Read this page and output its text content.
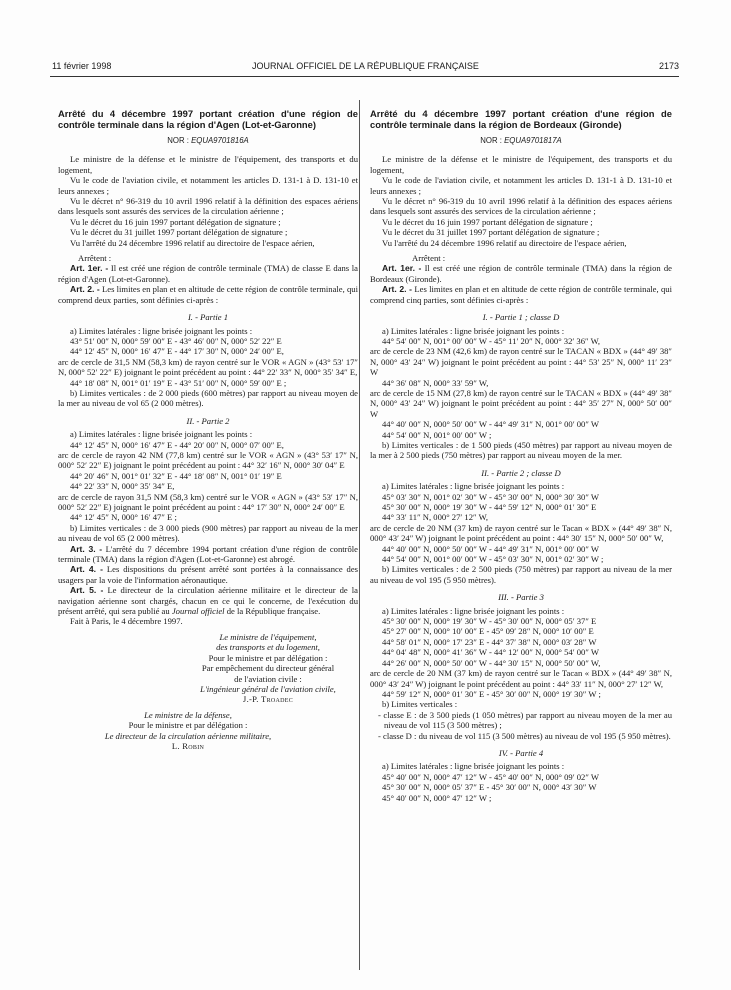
11 février 1998	JOURNAL OFFICIEL DE LA RÉPUBLIQUE FRANÇAISE	2173

Arrêté du 4 décembre 1997 portant création d'une région de contrôle terminale dans la région d'Agen (Lot-et-Garonne)

NOR : EQUA9701816A

Le ministre de la défense et le ministre de l'équipement, des transports et du logement,

Vu le code de l'aviation civile, et notamment les articles D. 131-1 à D. 131-10 et leurs annexes ;

Vu le décret n° 96-319 du 10 avril 1996 relatif à la définition des espaces aériens dans lesquels sont assurés des services de la circulation aérienne ;

Vu le décret du 16 juin 1997 portant délégation de signature ;

Vu le décret du 31 juillet 1997 portant délégation de signature ;

Vu l'arrêté du 24 décembre 1996 relatif au directoire de l'espace aérien,

Arrêtent :

Art. 1er. - Il est créé une région de contrôle terminale (TMA) de classe E dans la région d'Agen (Lot-et-Garonne).

Art. 2. - Les limites en plan et en altitude de cette région de contrôle terminale, qui comprend deux parties, sont définies ci-après :

I. - Partie 1

a) Limites latérales : ligne brisée joignant les points :

43° 51′ 00″ N, 000° 59′ 00″ E - 43° 46′ 00″ N, 000° 52′ 22″ E
44° 12′ 45″ N, 000° 16′ 47″ E - 44° 17′ 30″ N, 000° 24′ 00″ E,

arc de cercle de 31,5 NM (58,3 km) de rayon centré sur le VOR « AGN » (43° 53′ 17″ N, 000° 52′ 22″ E) joignant le point précédent au point : 44° 22′ 33″ N, 000° 35′ 34″ E,

44° 18′ 08″ N, 001° 01′ 19″ E - 43° 51′ 00″ N, 000° 59′ 00″ E ;

b) Limites verticales : de 2 000 pieds (600 mètres) par rapport au niveau moyen de la mer au niveau de vol 65 (2 000 mètres).

II. - Partie 2

a) Limites latérales : ligne brisée joignant les points :

44° 12′ 45″ N, 000° 16′ 47″ E - 44° 20′ 00″ N, 000° 07′ 00″ E,

arc de cercle de rayon 42 NM (77,8 km) centré sur le VOR « AGN » (43° 53′ 17″ N, 000° 52′ 22″ E) joignant le point précédent au point : 44° 32′ 16″ N, 000° 30′ 04″ E

44° 20′ 46″ N, 001° 01′ 32″ E - 44° 18′ 08″ N, 001° 01′ 19″ E
44° 22′ 33″ N, 000° 35′ 34″ E,

arc de cercle de rayon 31,5 NM (58,3 km) centré sur le VOR « AGN » (43° 53′ 17″ N, 000° 52′ 22″ E) joignant le point précédent au point : 44° 17′ 30″ N, 000° 24′ 00″ E

44° 12′ 45″ N, 000° 16′ 47″ E ;

b) Limites verticales : de 3 000 pieds (900 mètres) par rapport au niveau de la mer au niveau de vol 65 (2 000 mètres).

Art. 3. - L'arrêté du 7 décembre 1994 portant création d'une région de contrôle terminale (TMA) dans la région d'Agen (Lot-et-Garonne) est abrogé.

Art. 4. - Les dispositions du présent arrêté sont portées à la connaissance des usagers par la voie de l'information aéronautique.

Art. 5. - Le directeur de la circulation aérienne militaire et le directeur de la navigation aérienne sont chargés, chacun en ce qui le concerne, de l'exécution du présent arrêté, qui sera publié au Journal officiel de la République française.

Fait à Paris, le 4 décembre 1997.

Le ministre de l'équipement,
des transports et du logement,
Pour le ministre et par délégation :
Par empêchement du directeur général
de l'aviation civile :
L'ingénieur général de l'aviation civile,
J.-P. Troadec
Le ministre de la défense,
Pour le ministre et par délégation :
Le directeur de la circulation aérienne militaire,
L. Robin

Arrêté du 4 décembre 1997 portant création d'une région de contrôle terminale dans la région de Bordeaux (Gironde)

NOR : EQUA9701817A

Le ministre de la défense et le ministre de l'équipement, des transports et du logement,

Vu le code de l'aviation civile, et notamment les articles D. 131-1 à D. 131-10 et leurs annexes ;

Vu le décret n° 96-319 du 10 avril 1996 relatif à la définition des espaces aériens dans lesquels sont assurés des services de la circulation aérienne ;

Vu le décret du 16 juin 1997 portant délégation de signature ;

Vu le décret du 31 juillet 1997 portant délégation de signature ;

Vu l'arrêté du 24 décembre 1996 relatif au directoire de l'espace aérien,

Arrêtent :

Art. 1er. - Il est créé une région de contrôle terminale (TMA) dans la région de Bordeaux (Gironde).

Art. 2. - Les limites en plan et en altitude de cette région de contrôle terminale, qui comprend cinq parties, sont définies ci-après :

I. - Partie 1 ; classe D

a) Limites latérales : ligne brisée joignant les points :

44° 54′ 00″ N, 001° 00′ 00″ W - 45° 11′ 20″ N, 000° 32′ 36″ W,

arc de cercle de 23 NM (42,6 km) de rayon centré sur le TACAN « BDX » (44° 49′ 38″ N, 000° 43′ 24″ W) joignant le point précédent au point : 44° 53′ 25″ N, 000° 11′ 23″ W

44° 36′ 08″ N, 000° 33′ 59″ W,

arc de cercle de 15 NM (27,8 km) de rayon centré sur le TACAN « BDX » (44° 49′ 38″ N, 000° 43′ 24″ W) joignant le point précédent au point : 44° 35′ 27″ N, 000° 50′ 00″ W

44° 40′ 00″ N, 000° 50′ 00″ W - 44° 49′ 31″ N, 001° 00′ 00″ W
44° 54′ 00″ N, 001° 00′ 00″ W ;

b) Limites verticales : de 1 500 pieds (450 mètres) par rapport au niveau moyen de la mer à 2 500 pieds (750 mètres) par rapport au niveau moyen de la mer.

II. - Partie 2 ; classe D

a) Limites latérales : ligne brisée joignant les points :

45° 03′ 30″ N, 001° 02′ 30″ W - 45° 30′ 00″ N, 000° 30′ 30″ W
45° 30′ 00″ N, 000° 19′ 30″ W - 44° 59′ 12″ N, 000° 01′ 30″ E
44° 33′ 11″ N, 000° 27′ 12″ W,

arc de cercle de 20 NM (37 km) de rayon centré sur le Tacan « BDX » (44° 49′ 38″ N, 000° 43′ 24″ W) joignant le point précédent au point : 44° 30′ 15″ N, 000° 50′ 00″ W,

44° 40′ 00″ N, 000° 50′ 00″ W - 44° 49′ 31″ N, 001° 00′ 00″ W
44° 54′ 00″ N, 001° 00′ 00″ W - 45° 03′ 30″ N, 001° 02′ 30″ W ;

b) Limites verticales : de 2 500 pieds (750 mètres) par rapport au niveau de la mer au niveau de vol 195 (5 950 mètres).

III. - Partie 3

a) Limites latérales : ligne brisée joignant les points :

45° 30′ 00″ N, 000° 19′ 30″ W - 45° 30′ 00″ N, 000° 05′ 37″ E
45° 27′ 00″ N, 000° 10′ 00″ E - 45° 09′ 28″ N, 000° 10′ 00″ E
44° 58′ 01″ N, 000° 17′ 23″ E - 44° 37′ 38″ N, 000° 03′ 28″ W
44° 04′ 48″ N, 000° 41′ 36″ W - 44° 12′ 00″ N, 000° 54′ 00″ W
44° 26′ 00″ N, 000° 50′ 00″ W - 44° 30′ 15″ N, 000° 50′ 00″ W,

arc de cercle de 20 NM (37 km) de rayon centré sur le Tacan « BDX » (44° 49′ 38″ N, 000° 43′ 24″ W) joignant le point précédent au point : 44° 33′ 11″ N, 000° 27′ 12″ W,

44° 59′ 12″ N, 000° 01′ 30″ E - 45° 30′ 00″ N, 000° 19′ 30″ W ;

b) Limites verticales :

- classe E : de 3 500 pieds (1 050 mètres) par rapport au niveau moyen de la mer au niveau de vol 115 (3 500 mètres) ;

- classe D : du niveau de vol 115 (3 500 mètres) au niveau de vol 195 (5 950 mètres).

IV. - Partie 4

a) Limites latérales : ligne brisée joignant les points :

45° 40′ 00″ N, 000° 47′ 12″ W - 45° 40′ 00″ N, 000° 09′ 02″ W
45° 30′ 00″ N, 000° 05′ 37″ E - 45° 30′ 00″ N, 000° 43′ 30″ W
45° 40′ 00″ N, 000° 47′ 12″ W ;
